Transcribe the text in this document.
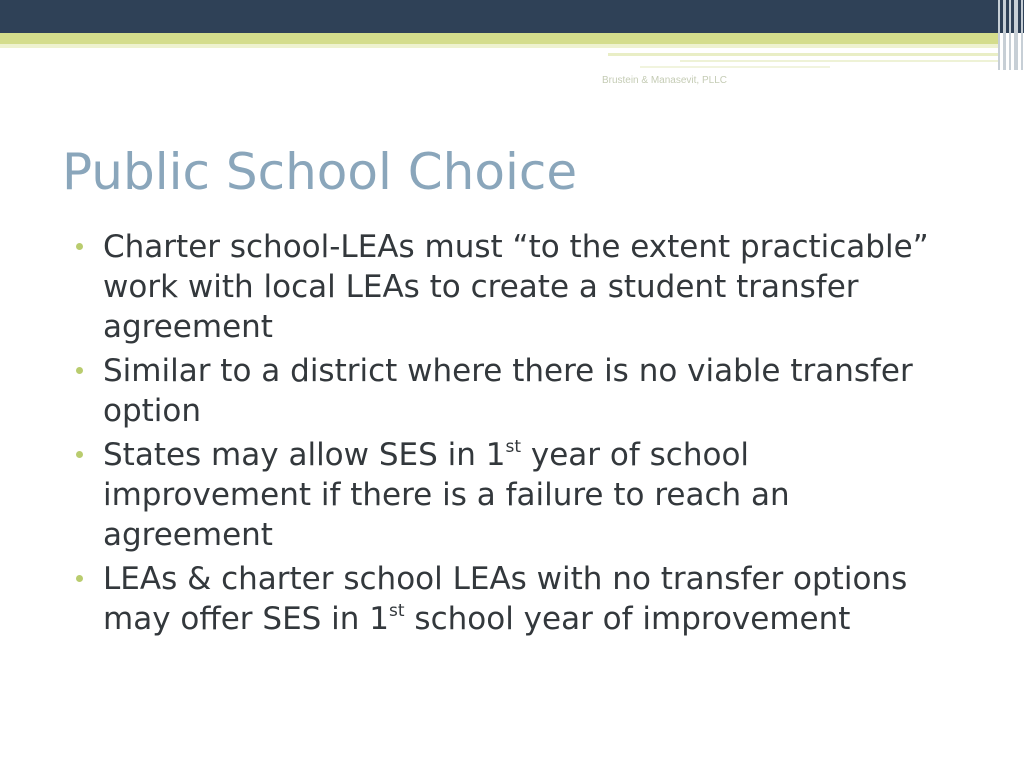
Brustein & Manasevit, PLLC
Public School Choice
Charter school-LEAs must “to the extent practicable” work with local LEAs to create a student transfer agreement
Similar to a district where there is no viable transfer option
States may allow SES in 1st year of school improvement if there is a failure to reach an agreement
LEAs & charter school LEAs with no transfer options may offer SES in 1st school year of improvement
